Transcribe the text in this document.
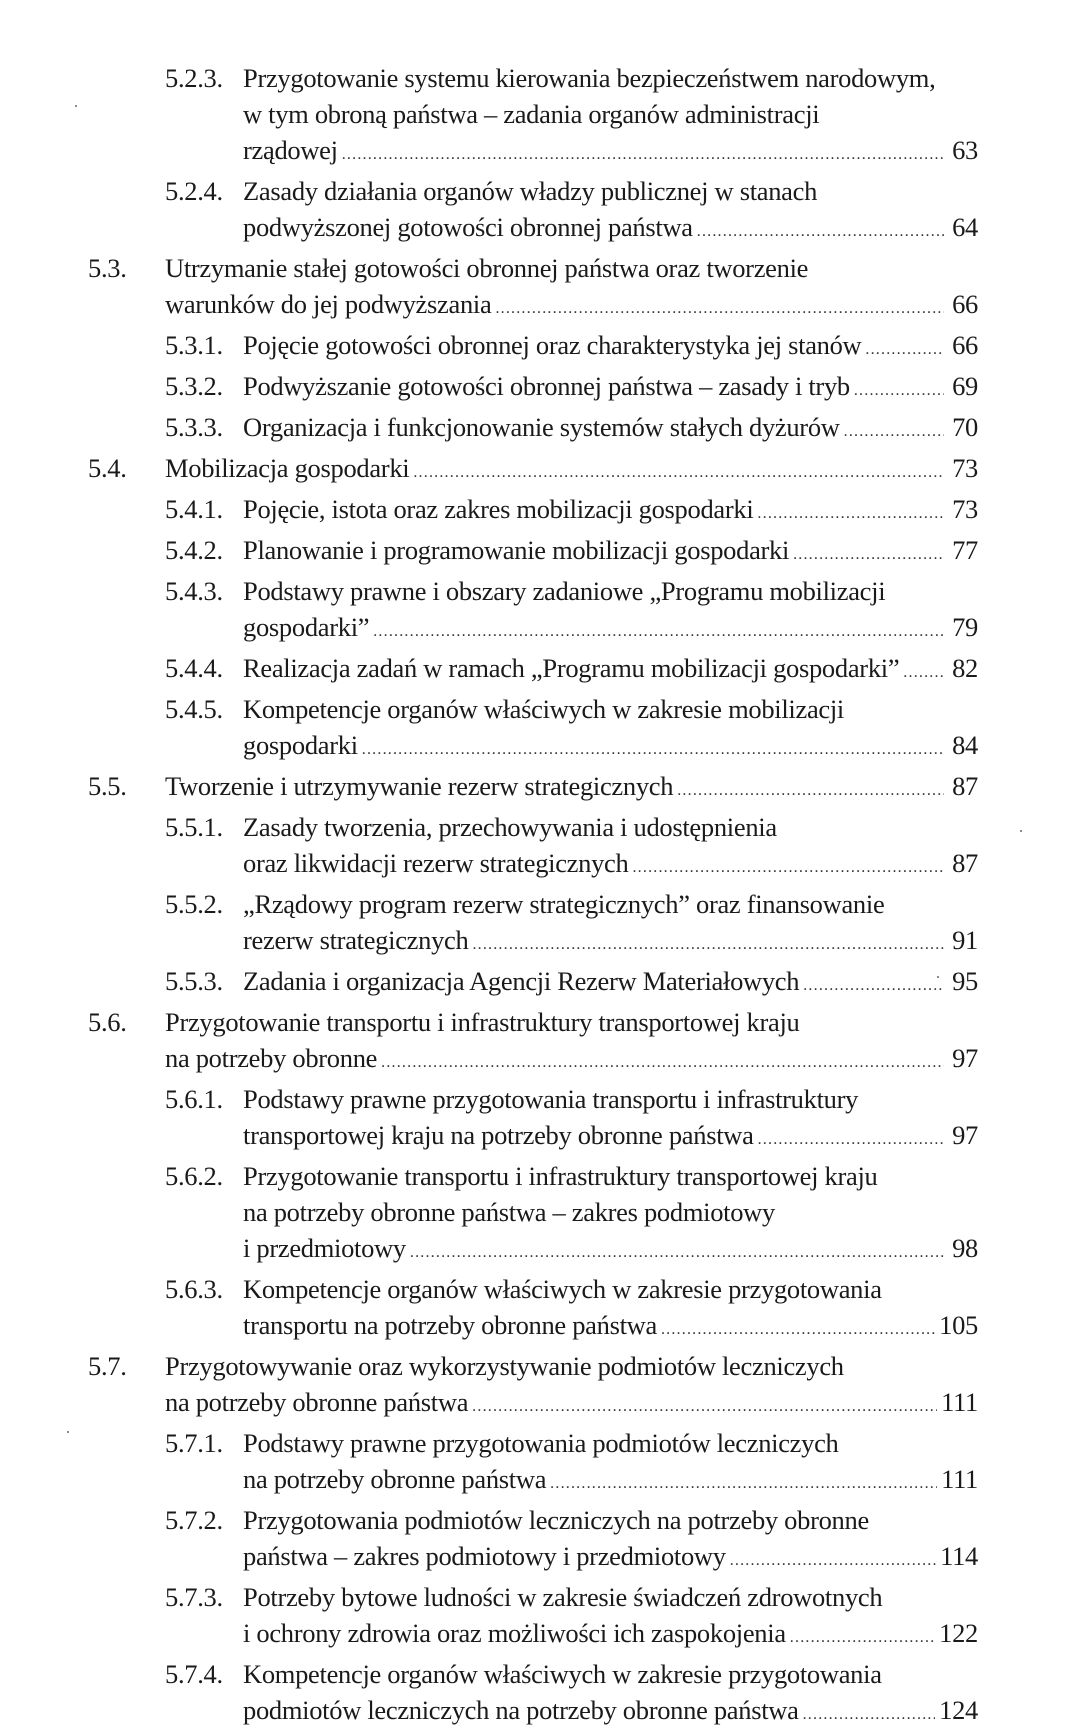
5.2.3. Przygotowanie systemu kierowania bezpieczeństwem narodowym,
w tym obroną państwa – zadania organów administracji
rządowej .....	63
5.2.4. Zasady działania organów władzy publicznej w stanach
podwyższonej gotowości obronnej państwa .....	64
5.3.	Utrzymanie stałej gotowości obronnej państwa oraz tworzenie
warunków do jej podwyższania .....	66
5.3.1. Pojęcie gotowości obronnej oraz charakterystyka jej stanów .....	66
5.3.2. Podwyższanie gotowości obronnej państwa – zasady i tryb .....	69
5.3.3. Organizacja i funkcjonowanie systemów stałych dyżurów .....	70
5.4.	Mobilizacja gospodarki .....	73
5.4.1. Pojęcie, istota oraz zakres mobilizacji gospodarki .....	73
5.4.2. Planowanie i programowanie mobilizacji gospodarki .....	77
5.4.3. Podstawy prawne i obszary zadaniowe „Programu mobilizacji
gospodarki” .....	79
5.4.4. Realizacja zadań w ramach „Programu mobilizacji gospodarki” ..... 82
5.4.5. Kompetencje organów właściwych w zakresie mobilizacji
gospodarki .....	84
5.5.	Tworzenie i utrzymywanie rezerw strategicznych .....	87
5.5.1. Zasady tworzenia, przechowywania i udostępnienia
oraz likwidacji rezerw strategicznych .....	87
5.5.2. „Rządowy program rezerw strategicznych” oraz finansowanie
rezerw strategicznych .....	91
5.5.3. Zadania i organizacja Agencji Rezerw Materiałowych .....	95
5.6.	Przygotowanie transportu i infrastruktury transportowej kraju
na potrzeby obronne .....	97
5.6.1. Podstawy prawne przygotowania transportu i infrastruktury
transportowej kraju na potrzeby obronne państwa .....	97
5.6.2. Przygotowanie transportu i infrastruktury transportowej kraju
na potrzeby obronne państwa – zakres podmiotowy
i przedmiotowy .....	98
5.6.3. Kompetencje organów właściwych w zakresie przygotowania
transportu na potrzeby obronne państwa .....	105
5.7.	Przygotowywanie oraz wykorzystywanie podmiotów leczniczych
na potrzeby obronne państwa .....	111
5.7.1. Podstawy prawne przygotowania podmiotów leczniczych
na potrzeby obronne państwa .....	111
5.7.2. Przygotowania podmiotów leczniczych na potrzeby obronne
państwa – zakres podmiotowy i przedmiotowy .....	114
5.7.3. Potrzeby bytowe ludności w zakresie świadczeń zdrowotnych
i ochrony zdrowia oraz możliwości ich zaspokojenia .....	122
5.7.4. Kompetencje organów właściwych w zakresie przygotowania
podmiotów leczniczych na potrzeby obronne państwa .....	124
